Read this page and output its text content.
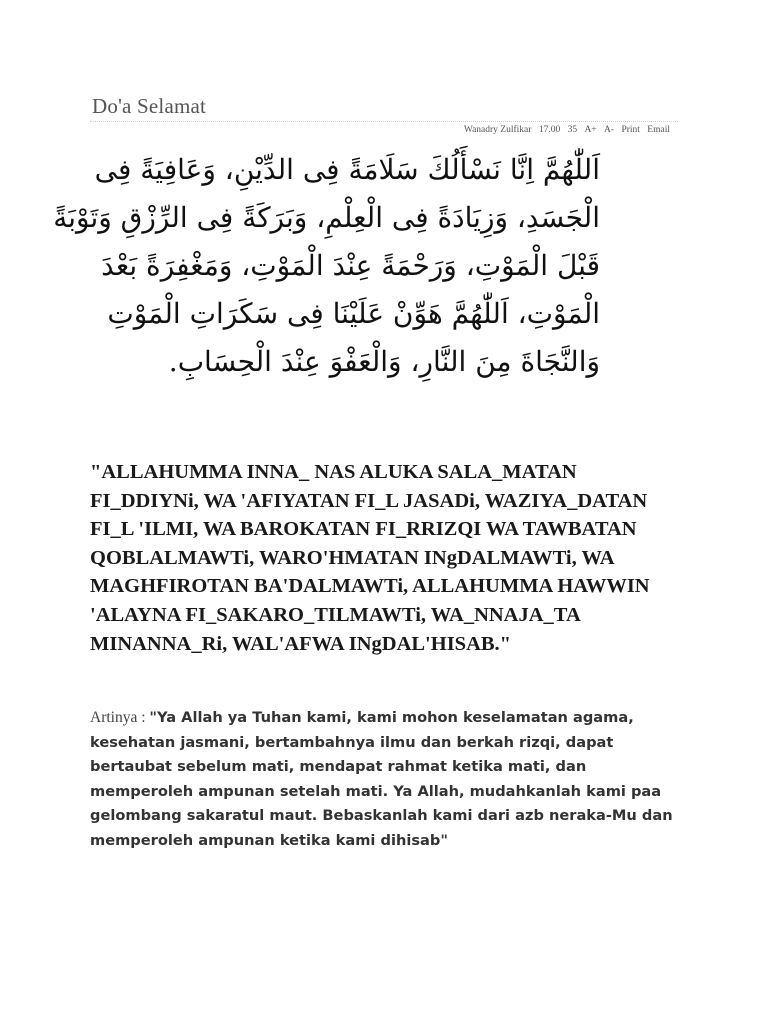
Do'a Selamat
Wanadry Zulfikar 17.00 35 A+ A- Print Email
اَللّٰهُمَّ اِنَّا نَسْأَلُكَ سَلَامَةً فِى الدِّيْنِ، وَعَافِيَةً فِى
الْجَسَدِ، وَزِيَادَةً فِى الْعِلْمِ، وَبَرَكَةً فِى الرِّزْقِ وَتَوْبَةً
قَبْلَ الْمَوْتِ، وَرَحْمَةً عِنْدَ الْمَوْتِ، وَمَغْفِرَةً بَعْدَ
الْمَوْتِ، اَللّٰهُمَّ هَوِّنْ عَلَيْنَا فِى سَكَرَاتِ الْمَوْتِ
وَالنَّجَاةَ مِنَ النَّارِ، وَالْعَفْوَ عِنْدَ الْحِسَابِ.

"ALLAHUMMA INNA_ NAS ALUKA SALA_MATAN FI_DDIYNi, WA 'AFIYATAN FI_L JASADi, WAZIYA_DATAN FI_L 'ILMI, WA BAROKATAN FI_RRIZQI WA TAWBATAN QOBLALMAWTi, WARO'HMATAN INgDALMAWTi, WA MAGHFIROTAN BA'DALMAWTi, ALLAHUMMA HAWWIN 'ALAYNA FI_SAKARO_TILMAWTi, WA_NNAJA_TA MINANNA_Ri, WAL'AFWA INgDAL'HISAB."

Artinya : "Ya Allah ya Tuhan kami, kami mohon keselamatan agama, kesehatan jasmani, bertambahnya ilmu dan berkah rizqi, dapat bertaubat sebelum mati, mendapat rahmat ketika mati, dan memperoleh ampunan setelah mati. Ya Allah, mudahkanlah kami paa gelombang sakaratul maut. Bebaskanlah kami dari azb neraka-Mu dan memperoleh ampunan ketika kami dihisab"
